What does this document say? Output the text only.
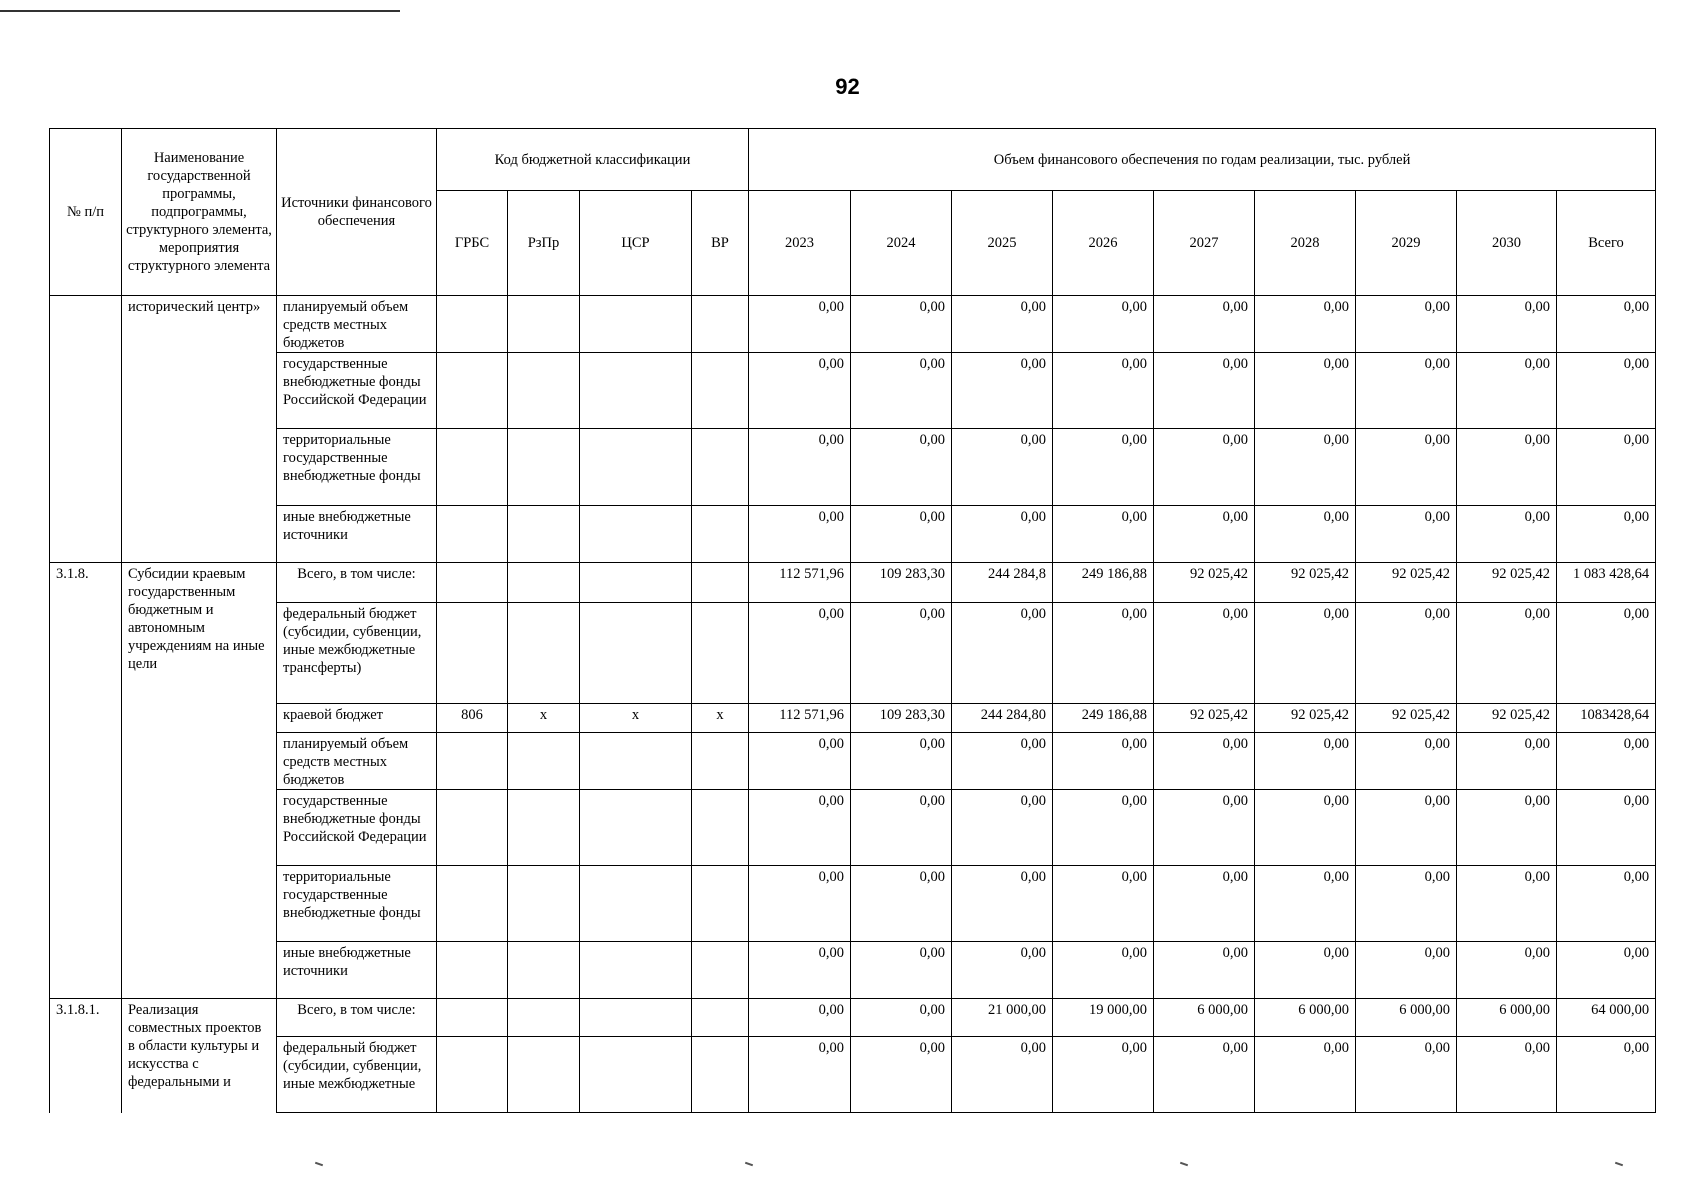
92
№ п/п	Наименование государственной программы, подпрограммы, структурного элемента, мероприятия структурного элемента	Источники финансового обеспечения	Код бюджетной классификации				Объем финансового обеспечения по годам реализации, тыс. рублей								
			ГРБС	РзПр	ЦСР	ВР	2023	2024	2025	2026	2027	2028	2029	2030	Всего
	исторический центр»	планируемый объем средств местных бюджетов					0,00	0,00	0,00	0,00	0,00	0,00	0,00	0,00	0,00
		государственные внебюджетные фонды Российской Федерации					0,00	0,00	0,00	0,00	0,00	0,00	0,00	0,00	0,00
		территориальные государственные внебюджетные фонды					0,00	0,00	0,00	0,00	0,00	0,00	0,00	0,00	0,00
		иные внебюджетные источники					0,00	0,00	0,00	0,00	0,00	0,00	0,00	0,00	0,00
3.1.8.	Субсидии краевым государственным бюджетным и автономным учреждениям на иные цели	Всего, в том числе:					112 571,96	109 283,30	244 284,8	249 186,88	92 025,42	92 025,42	92 025,42	92 025,42	1 083 428,64
		федеральный бюджет (субсидии, субвенции, иные межбюджетные трансферты)					0,00	0,00	0,00	0,00	0,00	0,00	0,00	0,00	0,00
		краевой бюджет	806	x	x	x	112 571,96	109 283,30	244 284,80	249 186,88	92 025,42	92 025,42	92 025,42	92 025,42	1083428,64
		планируемый объем средств местных бюджетов					0,00	0,00	0,00	0,00	0,00	0,00	0,00	0,00	0,00
		государственные внебюджетные фонды Российской Федерации					0,00	0,00	0,00	0,00	0,00	0,00	0,00	0,00	0,00
		территориальные государственные внебюджетные фонды					0,00	0,00	0,00	0,00	0,00	0,00	0,00	0,00	0,00
		иные внебюджетные источники					0,00	0,00	0,00	0,00	0,00	0,00	0,00	0,00	0,00
3.1.8.1.	Реализация совместных проектов в области культуры и искусства с федеральными и	Всего, в том числе:					0,00	0,00	21 000,00	19 000,00	6 000,00	6 000,00	6 000,00	6 000,00	64 000,00
		федеральный бюджет (субсидии, субвенции, иные межбюджетные					0,00	0,00	0,00	0,00	0,00	0,00	0,00	0,00	0,00
